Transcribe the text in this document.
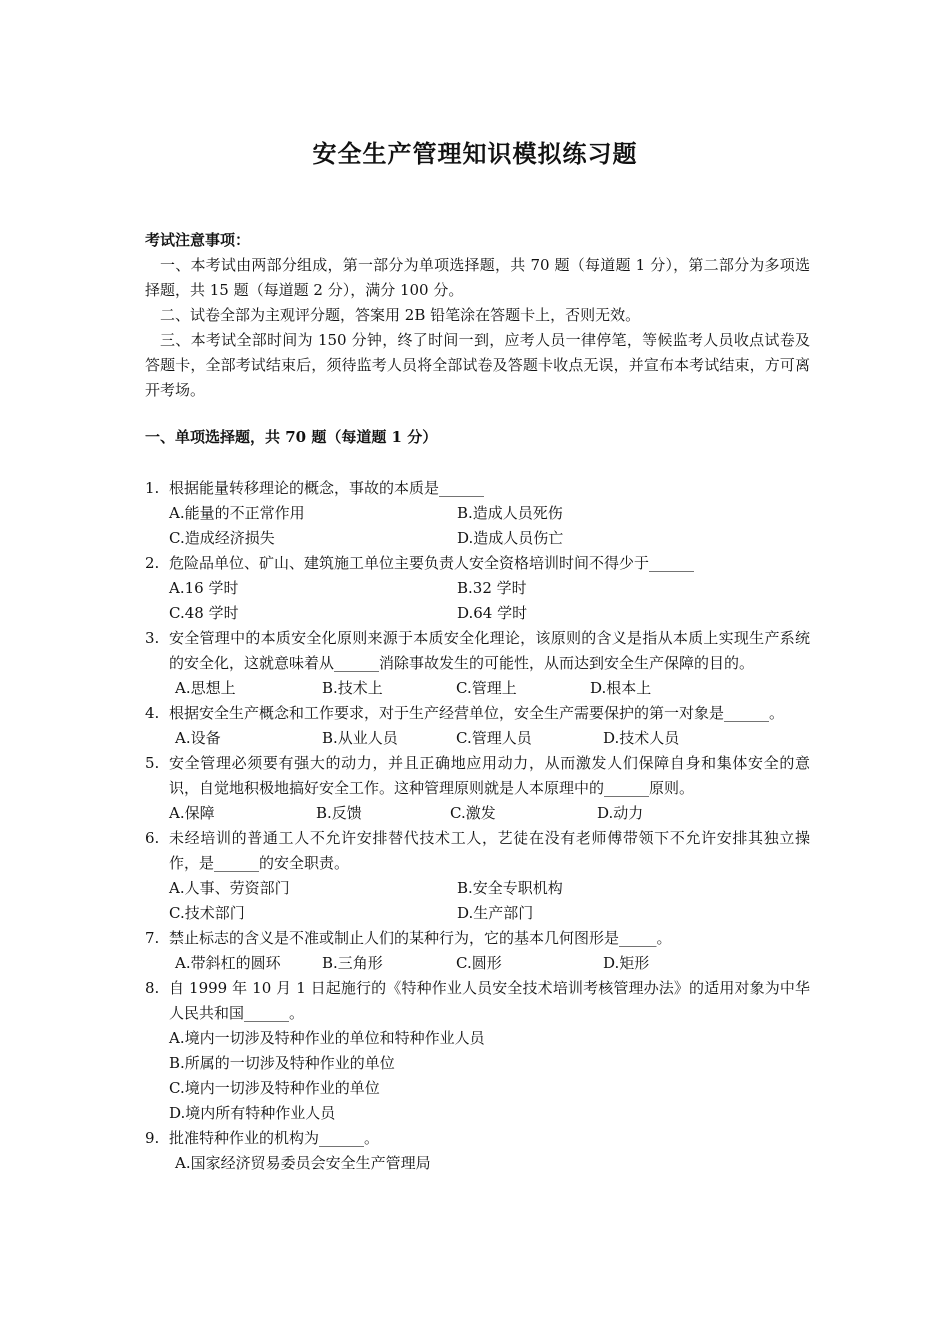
安全生产管理知识模拟练习题
考试注意事项：

一、本考试由两部分组成，第一部分为单项选择题，共 70 题（每道题 1 分），第二部分为多项选择题，共 15 题（每道题 2 分），满分 100 分。

二、试卷全部为主观评分题，答案用 2B 铅笔涂在答题卡上，否则无效。

三、本考试全部时间为 150 分钟，终了时间一到，应考人员一律停笔，等候监考人员收点试卷及答题卡，全部考试结束后，须待监考人员将全部试卷及答题卡收点无误，并宣布本考试结束，方可离开考场。

一、单项选择题，共 70 题（每道题 1 分）
1. 根据能量转移理论的概念，事故的本质是______
A.能量的不正常作用	B.造成人员死伤
C.造成经济损失	D.造成人员伤亡
2. 危险品单位、矿山、建筑施工单位主要负责人安全资格培训时间不得少于______
A.16 学时	B.32 学时
C.48 学时	D.64 学时
3. 安全管理中的本质安全化原则来源于本质安全化理论，该原则的含义是指从本质上实现生产系统的安全化，这就意味着从______消除事故发生的可能性，从而达到安全生产保障的目的。
A.思想上	B.技术上	C.管理上	D.根本上
4. 根据安全生产概念和工作要求，对于生产经营单位，安全生产需要保护的第一对象是______。
A.设备	B.从业人员	C.管理人员	D.技术人员
5. 安全管理必须要有强大的动力，并且正确地应用动力，从而激发人们保障自身和集体安全的意识，自觉地积极地搞好安全工作。这种管理原则就是人本原理中的______原则。
A.保障	B.反馈	C.激发	D.动力
6. 未经培训的普通工人不允许安排替代技术工人，艺徒在没有老师傅带领下不允许安排其独立操作，是______的安全职责。
A.人事、劳资部门	B.安全专职机构
C.技术部门	D.生产部门
7. 禁止标志的含义是不准或制止人们的某种行为，它的基本几何图形是_____。
A.带斜杠的圆环	B.三角形	C.圆形	D.矩形
8. 自 1999 年 10 月 1 日起施行的《特种作业人员安全技术培训考核管理办法》的适用对象为中华人民共和国______。
A.境内一切涉及特种作业的单位和特种作业人员
B.所属的一切涉及特种作业的单位
C.境内一切涉及特种作业的单位
D.境内所有特种作业人员
9. 批准特种作业的机构为______。
A.国家经济贸易委员会安全生产管理局
